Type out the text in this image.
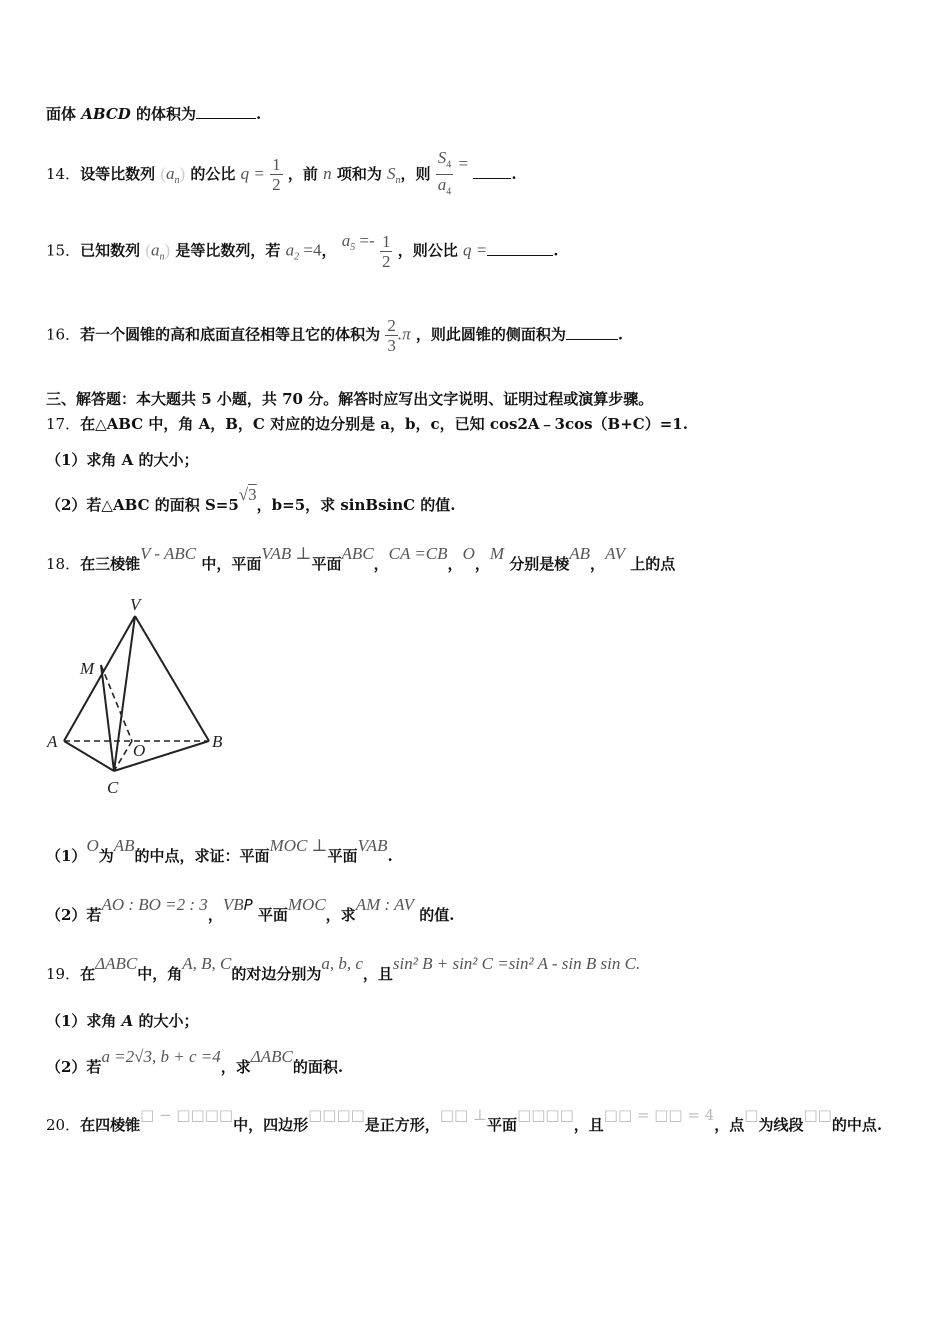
面体 ABCD 的体积为	.
14．设等比数列 $(a_n)$ 的公比 $q = \frac{1}{2}$ ，前 n 项和为 $S_n$，则 $\frac{S_4}{a_4}$ = .
15．已知数列 $(a_n)$ 是等比数列，若 $a_2 =4$， $a_5 =- \frac{1}{2}$ ，则公比 q =	.
16．若一个圆锥的高和底面直径相等且它的体积为 $\frac{2}{3} .\pi$ ，则此圆锥的侧面积为	.
三、解答题：本大题共 5 小题，共 70 分。解答时应写出文字说明、证明过程或演算步骤。
17．在△ABC 中，角 A，B，C 对应的边分别是 a，b，c，已知 cos2A﹣3cos（B+C）=1.
（1）求角 A 的大小；
（2）若△ABC 的面积 S=5√3，b=5，求 sinBsinC 的值.
18．在三棱锥V - ABC 中，平面VAB ⊥平面ABC，CA =CB，O，M 分别是棱AB，AV 上的点
V
M
A	O	B
C
（1）O为AB的中点，求证：平面MOC ⊥平面VAB.
（2）若AO : BO =2 : 3，VBP 平面MOC，求AM : AV 的值.
19．在ΔABC中，角A, B, C的对边分别为a, b, c，且sin² B + sin² C =sin² A - sin B sin C.
（1）求角 A 的大小；
（2）若a =2√3, b + c =4，求ΔABC的面积.
20．在四棱锥□ − □□□□中，四边形□□□□是正方形，□□ ⊥平面□□□□，且□□ = □□ = 4，点□为线段□□的中点.
